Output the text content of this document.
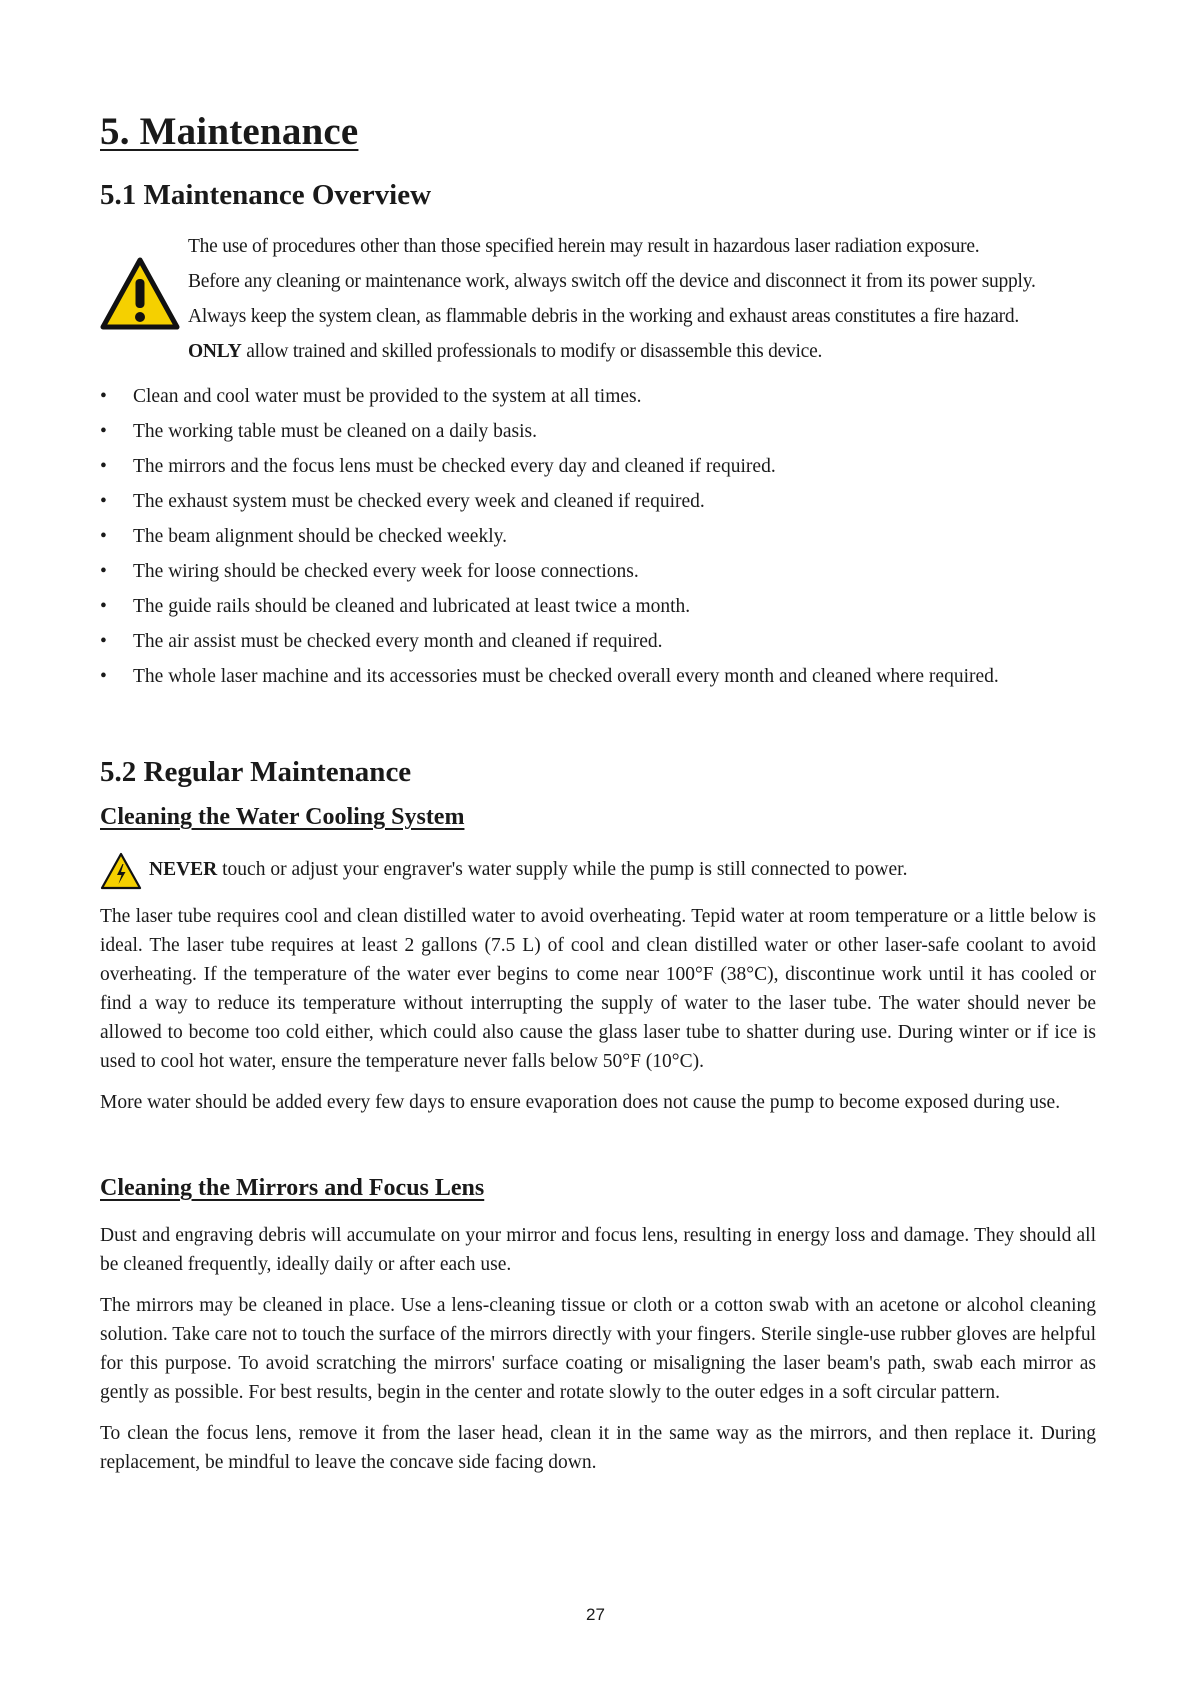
5. Maintenance
5.1 Maintenance Overview
The use of procedures other than those specified herein may result in hazardous laser radiation exposure.
Before any cleaning or maintenance work, always switch off the device and disconnect it from its power supply.
Always keep the system clean, as flammable debris in the working and exhaust areas constitutes a fire hazard.
ONLY allow trained and skilled professionals to modify or disassemble this device.
• Clean and cool water must be provided to the system at all times.
• The working table must be cleaned on a daily basis.
• The mirrors and the focus lens must be checked every day and cleaned if required.
• The exhaust system must be checked every week and cleaned if required.
• The beam alignment should be checked weekly.
• The wiring should be checked every week for loose connections.
• The guide rails should be cleaned and lubricated at least twice a month.
• The air assist must be checked every month and cleaned if required.
• The whole laser machine and its accessories must be checked overall every month and cleaned where required.
5.2 Regular Maintenance
Cleaning the Water Cooling System
NEVER touch or adjust your engraver's water supply while the pump is still connected to power.

The laser tube requires cool and clean distilled water to avoid overheating. Tepid water at room temperature or a little below is ideal. The laser tube requires at least 2 gallons (7.5 L) of cool and clean distilled water or other laser-safe coolant to avoid overheating. If the temperature of the water ever begins to come near 100°F (38°C), discontinue work until it has cooled or find a way to reduce its temperature without interrupting the supply of water to the laser tube. The water should never be allowed to become too cold either, which could also cause the glass laser tube to shatter during use. During winter or if ice is used to cool hot water, ensure the temperature never falls below 50°F (10°C).

More water should be added every few days to ensure evaporation does not cause the pump to become exposed during use.

Cleaning the Mirrors and Focus Lens

Dust and engraving debris will accumulate on your mirror and focus lens, resulting in energy loss and damage. They should all be cleaned frequently, ideally daily or after each use.

The mirrors may be cleaned in place. Use a lens-cleaning tissue or cloth or a cotton swab with an acetone or alcohol cleaning solution. Take care not to touch the surface of the mirrors directly with your fingers. Sterile single-use rubber gloves are helpful for this purpose. To avoid scratching the mirrors' surface coating or misaligning the laser beam's path, swab each mirror as gently as possible. For best results, begin in the center and rotate slowly to the outer edges in a soft circular pattern.

To clean the focus lens, remove it from the laser head, clean it in the same way as the mirrors, and then replace it. During replacement, be mindful to leave the concave side facing down.

27
